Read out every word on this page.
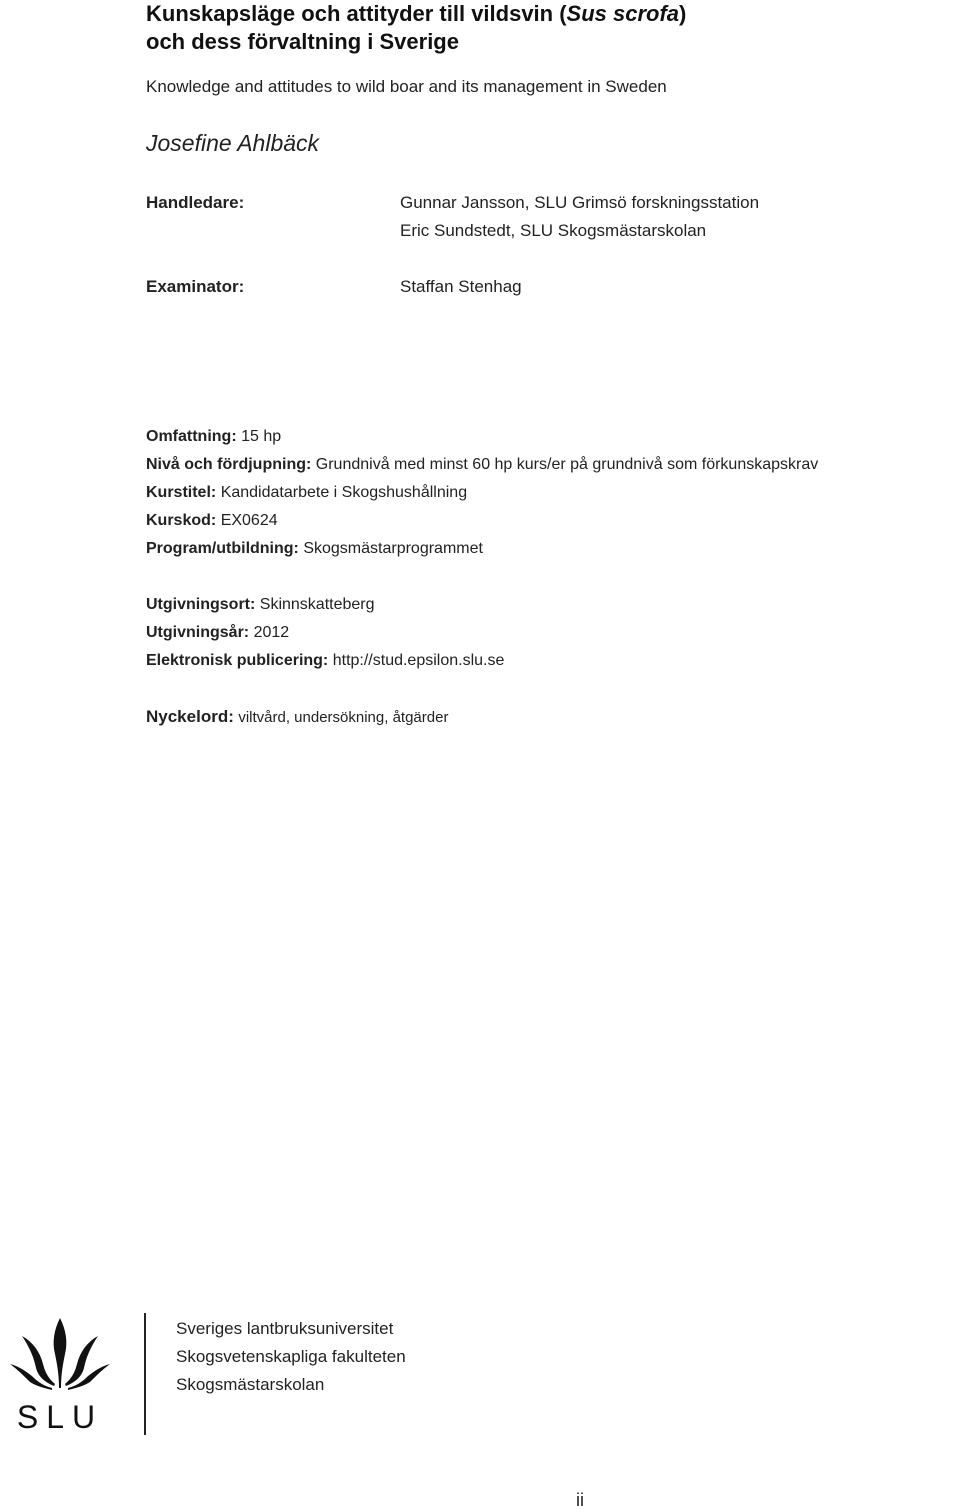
Kunskapsläge och attityder till vildsvin (Sus scrofa)
och dess förvaltning i Sverige
Knowledge and attitudes to wild boar and its management in Sweden
Josefine Ahlbäck
Handledare:	Gunnar Jansson, SLU Grimsö forskningsstation
Eric Sundstedt, SLU Skogsmästarskolan
Examinator:	Staffan Stenhag
Omfattning: 15 hp
Nivå och fördjupning: Grundnivå med minst 60 hp kurs/er på grundnivå som förkunskapskrav
Kurstitel: Kandidatarbete i Skogshushållning
Kurskod: EX0624
Program/utbildning: Skogsmästarprogrammet
Utgivningsort: Skinnskatteberg
Utgivningsår: 2012
Elektronisk publicering: http://stud.epsilon.slu.se
Nyckelord: viltvård, undersökning, åtgärder
SLU
Sveriges lantbruksuniversitet
Skogsvetenskapliga fakulteten
Skogsmästarskolan
ii
